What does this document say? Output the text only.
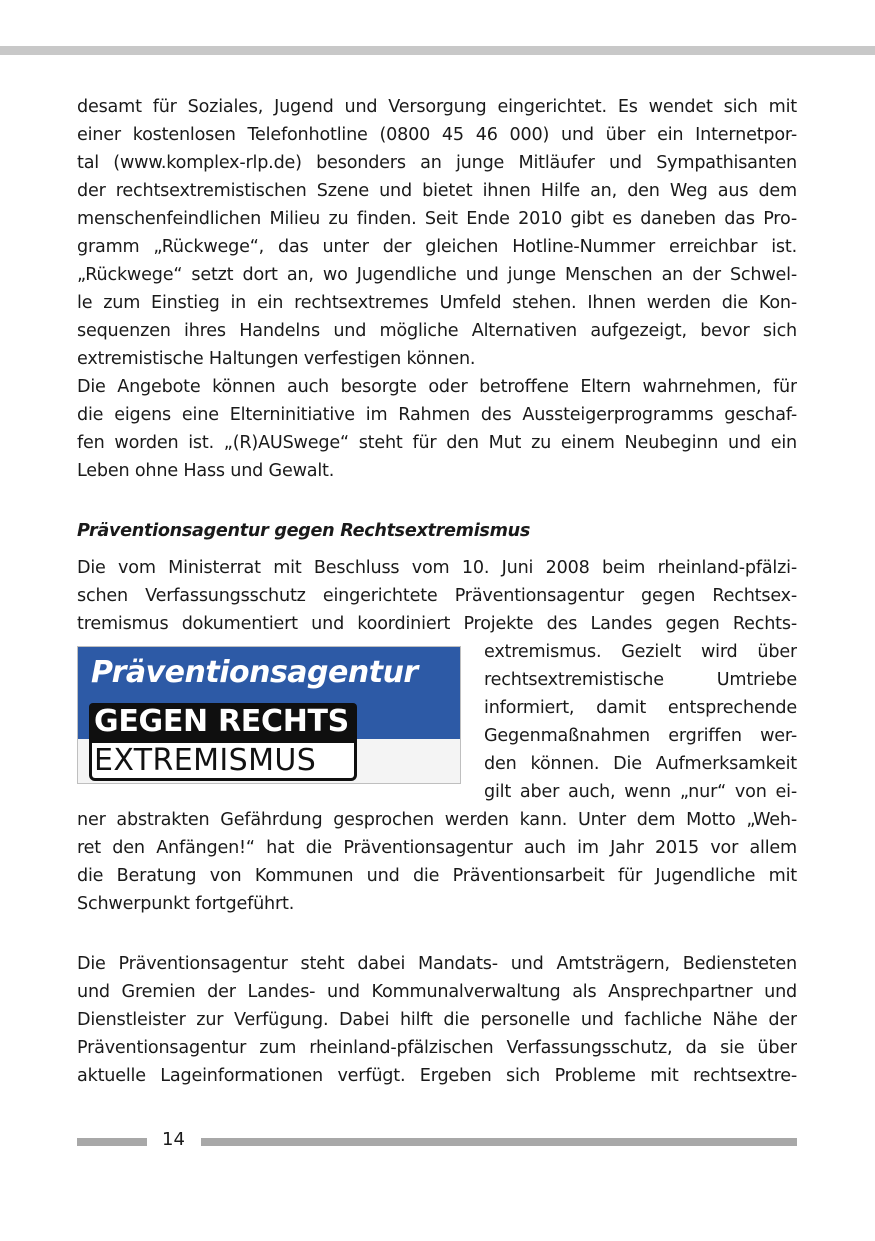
desamt für Soziales, Jugend und Versorgung eingerichtet. Es wendet sich mit
einer kostenlosen Telefonhotline (0800 45 46 000) und über ein Internetpor-
tal (www.komplex-rlp.de) besonders an junge Mitläufer und Sympathisanten
der rechtsextremistischen Szene und bietet ihnen Hilfe an, den Weg aus dem
menschenfeindlichen Milieu zu finden. Seit Ende 2010 gibt es daneben das Pro-
gramm „Rückwege“, das unter der gleichen Hotline-Nummer erreichbar ist.
„Rückwege“ setzt dort an, wo Jugendliche und junge Menschen an der Schwel-
le zum Einstieg in ein rechtsextremes Umfeld stehen. Ihnen werden die Kon-
sequenzen ihres Handelns und mögliche Alternativen aufgezeigt, bevor sich
extremistische Haltungen verfestigen können.
Die Angebote können auch besorgte oder betroffene Eltern wahrnehmen, für
die eigens eine Elterninitiative im Rahmen des Aussteigerprogramms geschaf-
fen worden ist. „(R)AUSwege“ steht für den Mut zu einem Neubeginn und ein
Leben ohne Hass und Gewalt.
Präventionsagentur gegen Rechtsextremismus
Die vom Ministerrat mit Beschluss vom 10. Juni 2008 beim rheinland-pfälzi-
schen Verfassungsschutz eingerichtete Präventionsagentur gegen Rechtsex-
tremismus dokumentiert und koordiniert Projekte des Landes gegen Rechts-
Präventionsagentur
GEGEN RECHTS
EXTREMISMUS
extremismus. Gezielt wird über
rechtsextremistische Umtriebe
informiert, damit entsprechende
Gegenmaßnahmen ergriffen wer-
den können. Die Aufmerksamkeit
gilt aber auch, wenn „nur“ von ei-
ner abstrakten Gefährdung gesprochen werden kann. Unter dem Motto „Weh-
ret den Anfängen!“ hat die Präventionsagentur auch im Jahr 2015 vor allem
die Beratung von Kommunen und die Präventionsarbeit für Jugendliche mit
Schwerpunkt fortgeführt.
Die Präventionsagentur steht dabei Mandats- und Amtsträgern, Bediensteten
und Gremien der Landes- und Kommunalverwaltung als Ansprechpartner und
Dienstleister zur Verfügung. Dabei hilft die personelle und fachliche Nähe der
Präventionsagentur zum rheinland-pfälzischen Verfassungsschutz, da sie über
aktuelle Lageinformationen verfügt. Ergeben sich Probleme mit rechtsextre-
14
